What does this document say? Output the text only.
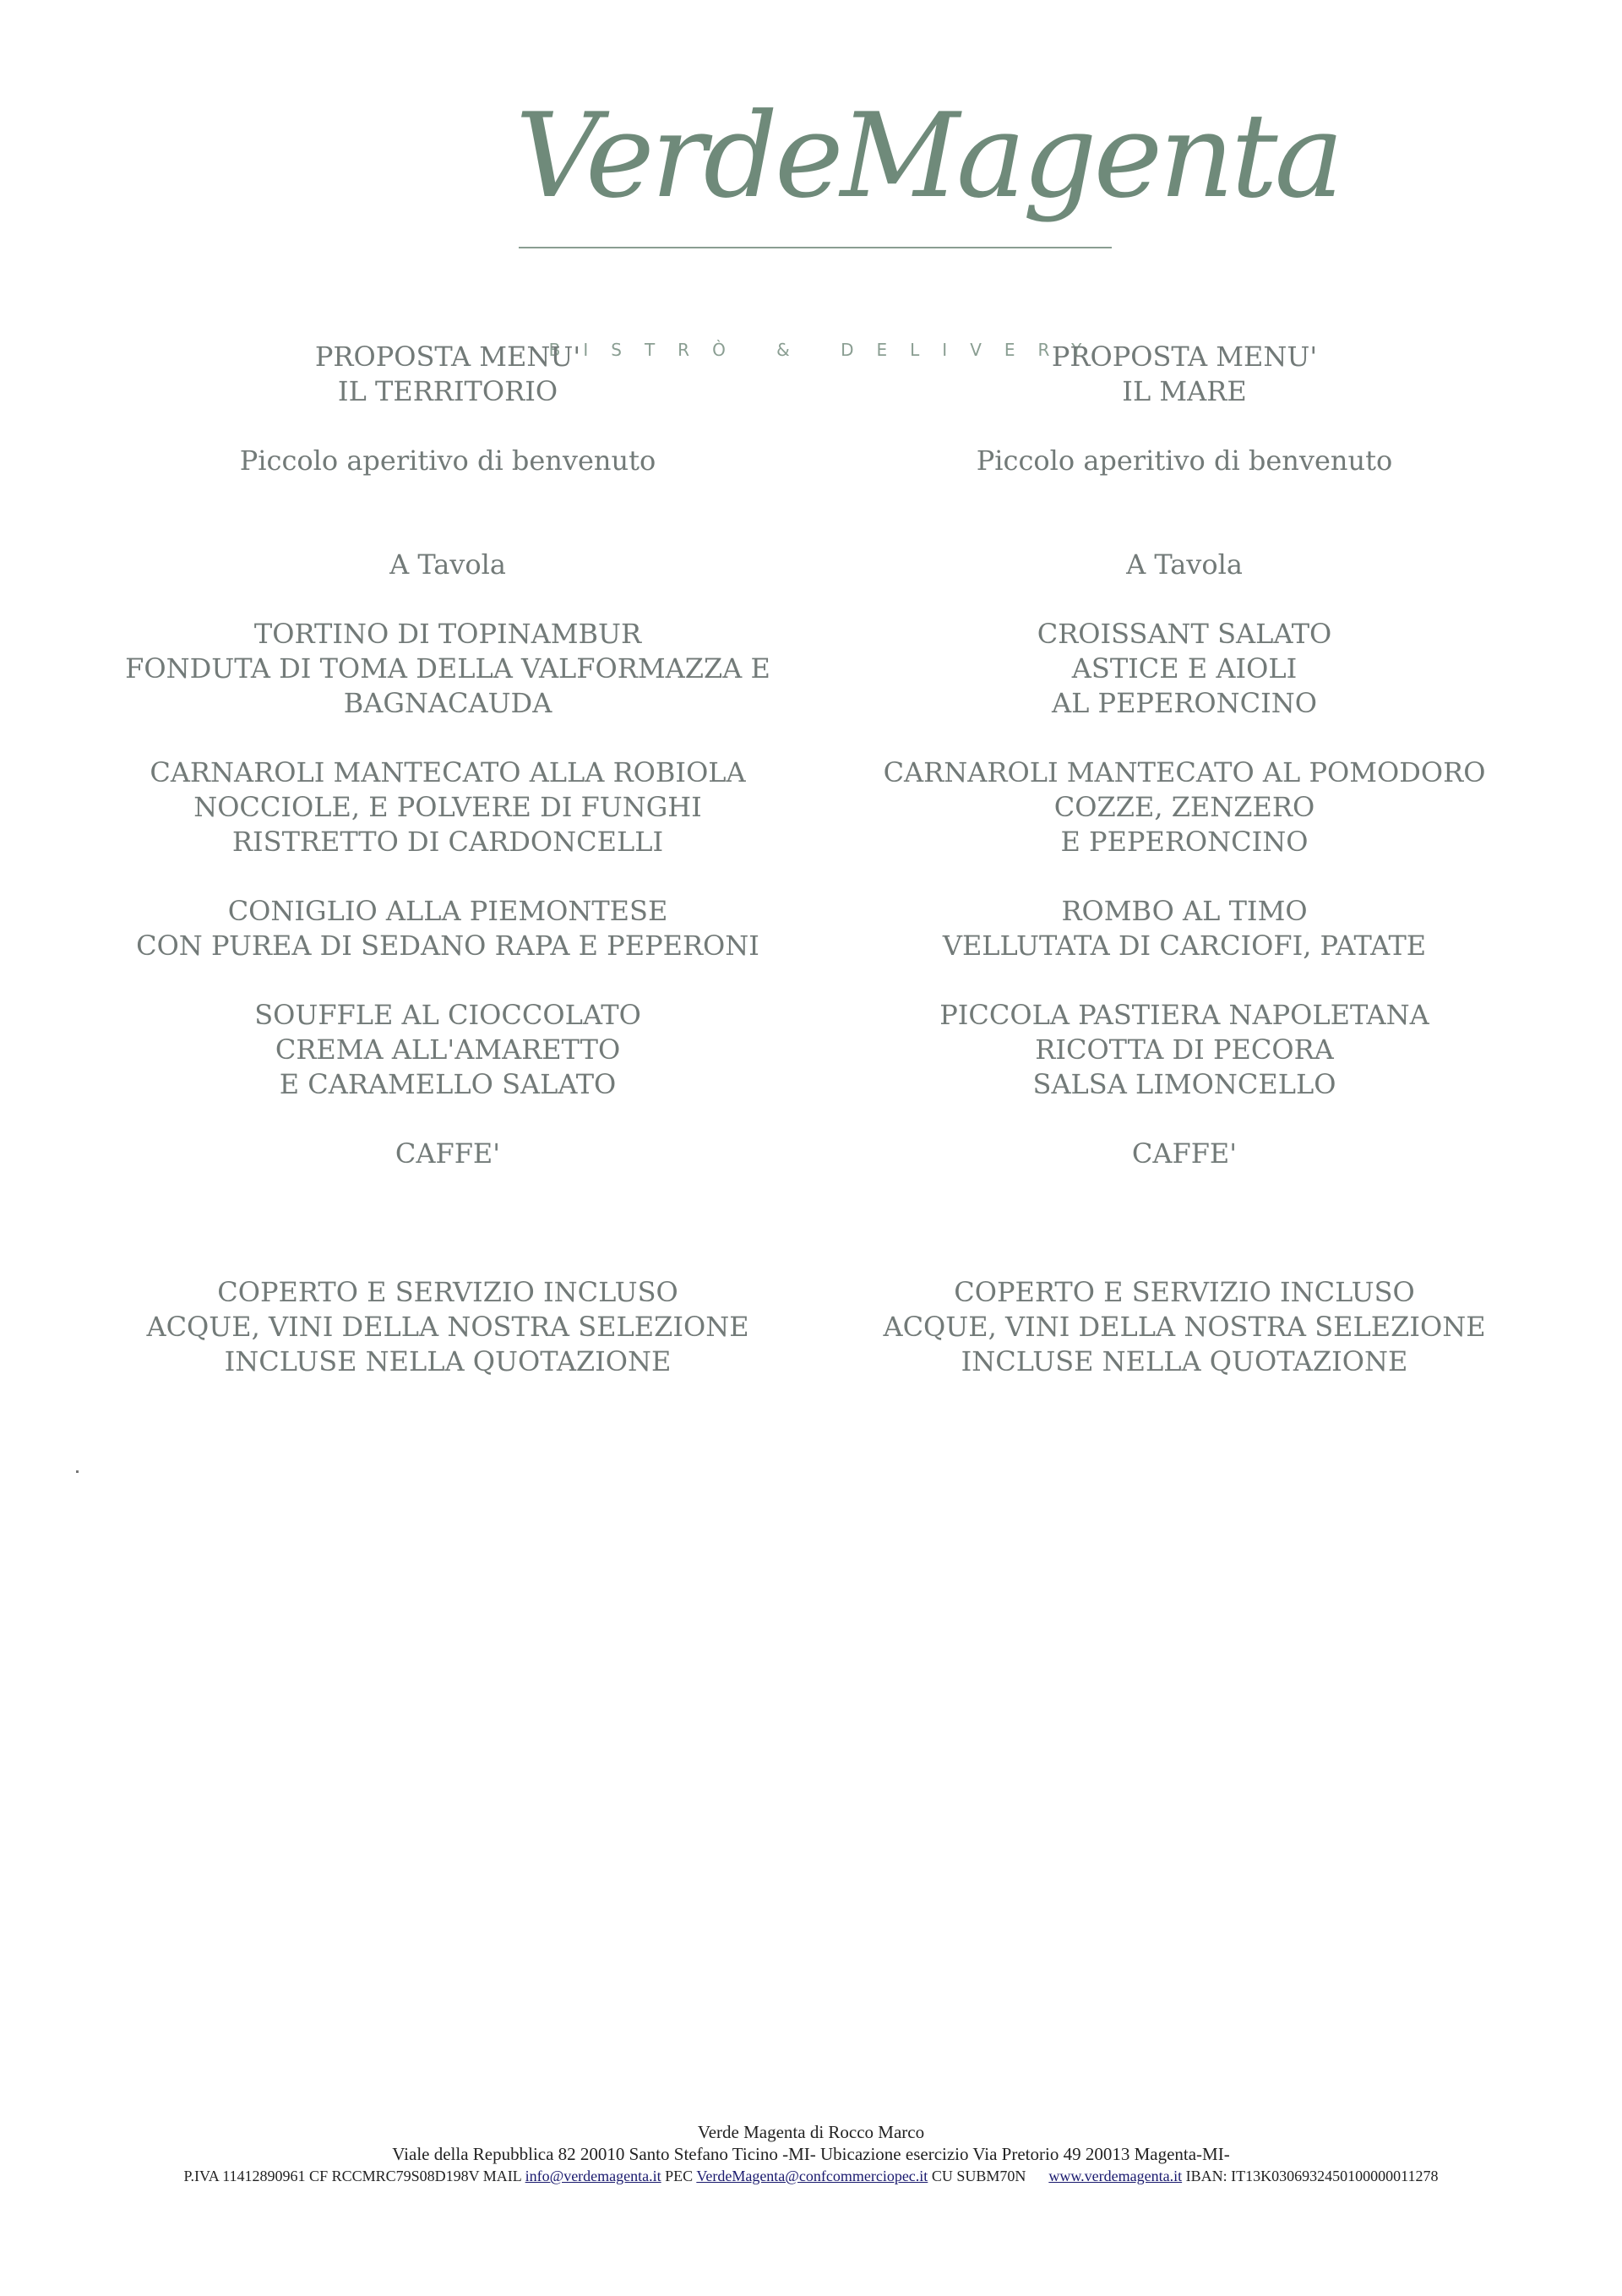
VerdeMagenta
BISTRÒ & DELIVERY
PROPOSTA MENU'
IL TERRITORIO
Piccolo aperitivo di benvenuto
A Tavola
TORTINO DI TOPINAMBUR
FONDUTA DI TOMA DELLA VALFORMAZZA E
BAGNACAUDA
CARNAROLI MANTECATO ALLA ROBIOLA
NOCCIOLE, E POLVERE DI FUNGHI
RISTRETTO DI CARDONCELLI
CONIGLIO ALLA PIEMONTESE
CON PUREA DI SEDANO RAPA E PEPERONI
SOUFFLE AL CIOCCOLATO
CREMA ALL'AMARETTO
E CARAMELLO SALATO
CAFFE'
COPERTO E SERVIZIO INCLUSO
ACQUE, VINI DELLA NOSTRA SELEZIONE
INCLUSE NELLA QUOTAZIONE
PROPOSTA MENU'
IL MARE
Piccolo aperitivo di benvenuto
A Tavola
CROISSANT SALATO
ASTICE E AIOLI
AL PEPERONCINO
CARNAROLI MANTECATO AL POMODORO
COZZE, ZENZERO
E PEPERONCINO
ROMBO AL TIMO
VELLUTATA DI CARCIOFI, PATATE
PICCOLA PASTIERA NAPOLETANA
RICOTTA DI PECORA
SALSA LIMONCELLO
CAFFE'
COPERTO E SERVIZIO INCLUSO
ACQUE, VINI DELLA NOSTRA SELEZIONE
INCLUSE NELLA QUOTAZIONE
Verde Magenta di Rocco Marco
Viale della Repubblica 82 20010 Santo Stefano Ticino -MI- Ubicazione esercizio Via Pretorio 49 20013 Magenta-MI-
P.IVA 11412890961 CF RCCMRC79S08D198V MAIL info@verdemagenta.it PEC VerdeMagenta@confcommerciopec.it CU SUBM70N www.verdemagenta.it IBAN: IT13K0306932450100000011278
